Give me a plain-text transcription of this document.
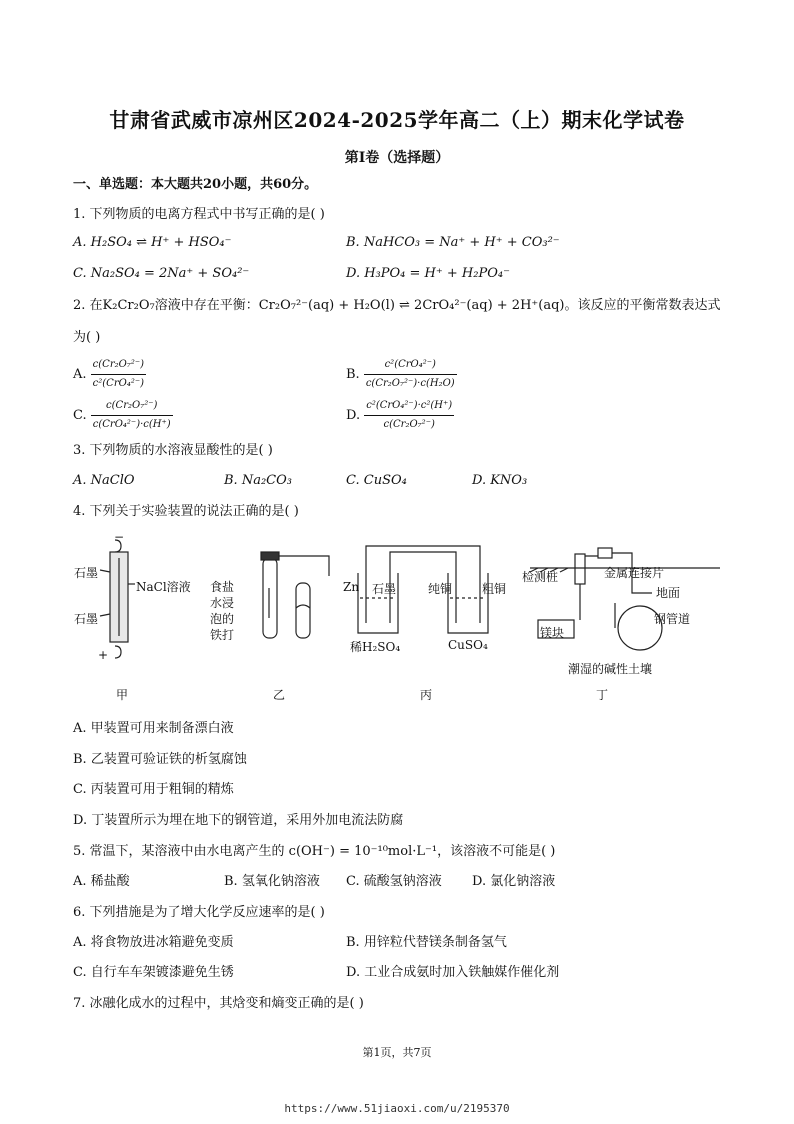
甘肃省武威市凉州区2024-2025学年高二（上）期末化学试卷
第I卷（选择题）
一、单选题：本大题共20小题，共60分。
1. 下列物质的电离方程式中书写正确的是( )
A. H₂SO₄ ⇌ H⁺ + HSO₄⁻	B. NaHCO₃ = Na⁺ + H⁺ + CO₃²⁻
C. Na₂SO₄ = 2Na⁺ + SO₄²⁻	D. H₃PO₄ = H⁺ + H₂PO₄⁻
2. 在K₂Cr₂O₇溶液中存在平衡：Cr₂O₇²⁻(aq) + H₂O(l) ⇌ 2CrO₄²⁻(aq) + 2H⁺(aq)。该反应的平衡常数表达式
为( )
A. $\frac{\text{c(Cr₂O₇²⁻)}}{\text{c²(CrO₄²⁻)}}$	B. $\frac{\text{c²(CrO₄²⁻)}}{\text{c(Cr₂O₇²⁻)·c(H₂O)}}$
C. $\frac{\text{c(Cr₂O₇²⁻)}}{\text{c(CrO₄²⁻)·c(H⁺)}}$	D. $\frac{\text{c²(CrO₄²⁻)·c²(H⁺)}}{\text{c(Cr₂O₇²⁻)}}$
3. 下列物质的水溶液显酸性的是( )
A. NaClO	B. Na₂CO₃	C. CuSO₄	D. KNO₃
4. 下列关于实验装置的说法正确的是( )
−
+
石墨
石墨
NaCl溶液 食盐
水浸
泡的
铁打
Zn 石墨	纯铜 粗铜
稀H₂SO₄	CuSO₄
检测桩	金属连接片
地面
镁块
钢管道
潮湿的碱性土壤
甲	乙	丙	丁
A. 甲装置可用来制备漂白液
B. 乙装置可验证铁的析氢腐蚀
C. 丙装置可用于粗铜的精炼
D. 丁装置所示为埋在地下的钢管道，采用外加电流法防腐
5. 常温下，某溶液中由水电离产生的 c(OH⁻) = 10⁻¹⁰mol·L⁻¹，该溶液不可能是( )
A. 稀盐酸	B. 氢氧化钠溶液 C. 硫酸氢钠溶液 D. 氯化钠溶液
6. 下列措施是为了增大化学反应速率的是( )
A. 将食物放进冰箱避免变质	B. 用锌粒代替镁条制备氢气
C. 自行车车架镀漆避免生锈	D. 工业合成氨时加入铁触媒作催化剂
7. 冰融化成水的过程中，其焓变和熵变正确的是( )
第1页，共7页
https://www.51jiaoxi.com/u/2195370
